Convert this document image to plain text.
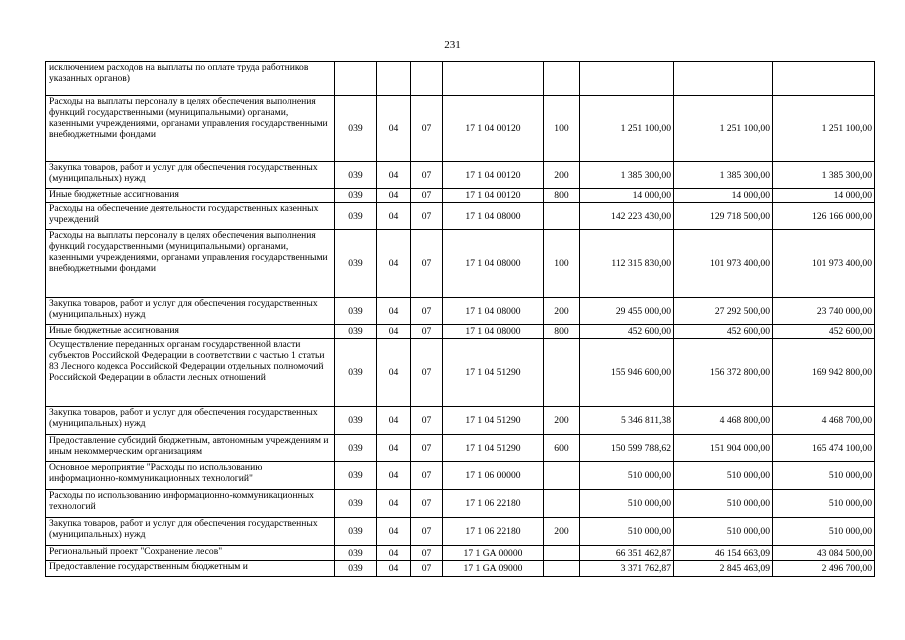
231
исключением расходов на выплаты по оплате труда работников указанных органов)								
Расходы на выплаты персоналу в целях обеспечения выполнения функций государственными (муниципальными) органами, казенными учреждениями, органами управления государственными внебюджетными фондами	039	04	07	17 1 04 00120	100	1 251 100,00	1 251 100,00	1 251 100,00
Закупка товаров, работ и услуг для обеспечения государственных (муниципальных) нужд	039	04	07	17 1 04 00120	200	1 385 300,00	1 385 300,00	1 385 300,00
Иные бюджетные ассигнования	039	04	07	17 1 04 00120	800	14 000,00	14 000,00	14 000,00
Расходы на обеспечение деятельности государственных казенных учреждений	039	04	07	17 1 04 08000		142 223 430,00	129 718 500,00	126 166 000,00
Расходы на выплаты персоналу в целях обеспечения выполнения функций государственными (муниципальными) органами, казенными учреждениями, органами управления государственными внебюджетными фондами	039	04	07	17 1 04 08000	100	112 315 830,00	101 973 400,00	101 973 400,00
Закупка товаров, работ и услуг для обеспечения государственных (муниципальных) нужд	039	04	07	17 1 04 08000	200	29 455 000,00	27 292 500,00	23 740 000,00
Иные бюджетные ассигнования	039	04	07	17 1 04 08000	800	452 600,00	452 600,00	452 600,00
Осуществление переданных органам государственной власти субъектов Российской Федерации в соответствии с частью 1 статьи 83 Лесного кодекса Российской Федерации отдельных полномочий Российской Федерации в области лесных отношений	039	04	07	17 1 04 51290		155 946 600,00	156 372 800,00	169 942 800,00
Закупка товаров, работ и услуг для обеспечения государственных (муниципальных) нужд	039	04	07	17 1 04 51290	200	5 346 811,38	4 468 800,00	4 468 700,00
Предоставление субсидий бюджетным, автономным учреждениям и иным некоммерческим организациям	039	04	07	17 1 04 51290	600	150 599 788,62	151 904 000,00	165 474 100,00
Основное мероприятие "Расходы по использованию информационно-коммуникационных технологий"	039	04	07	17 1 06 00000		510 000,00	510 000,00	510 000,00
Расходы по использованию информационно-коммуникационных технологий	039	04	07	17 1 06 22180		510 000,00	510 000,00	510 000,00
Закупка товаров, работ и услуг для обеспечения государственных (муниципальных) нужд	039	04	07	17 1 06 22180	200	510 000,00	510 000,00	510 000,00
Региональный проект "Сохранение лесов"	039	04	07	17 1 GA 00000		66 351 462,87	46 154 663,09	43 084 500,00
Предоставление государственным бюджетным и	039	04	07	17 1 GA 09000		3 371 762,87	2 845 463,09	2 496 700,00
